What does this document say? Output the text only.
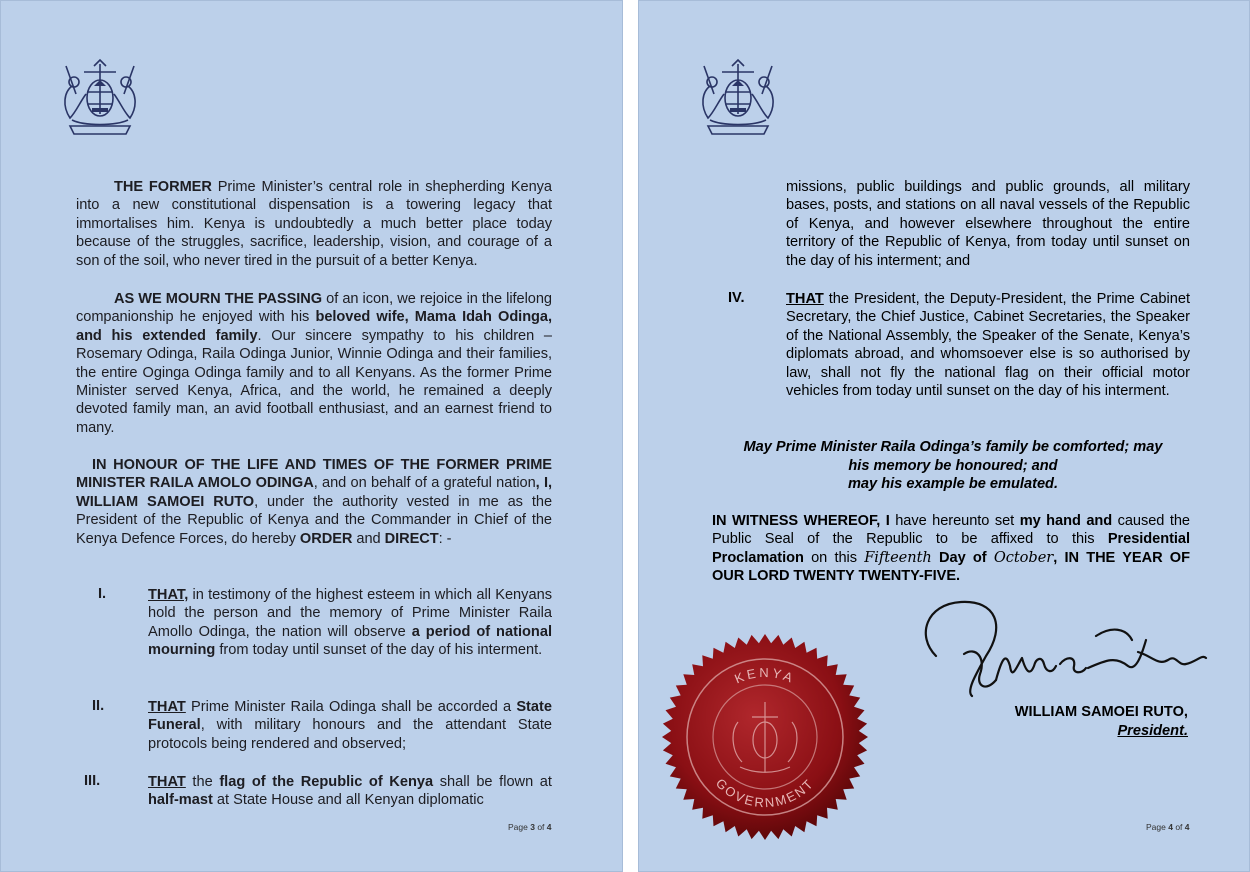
THE FORMER Prime Minister’s central role in shepherding Kenya into a new constitutional dispensation is a towering legacy that immortalises him. Kenya is undoubtedly a much better place today because of the struggles, sacrifice, leadership, vision, and courage of a son of the soil, who never tired in the pursuit of a better Kenya.
AS WE MOURN THE PASSING of an icon, we rejoice in the lifelong companionship he enjoyed with his beloved wife, Mama Idah Odinga, and his extended family. Our sincere sympathy to his children – Rosemary Odinga, Raila Odinga Junior, Winnie Odinga and their families, the entire Oginga Odinga family and to all Kenyans. As the former Prime Minister served Kenya, Africa, and the world, he remained a deeply devoted family man, an avid football enthusiast, and an earnest friend to many.
IN HONOUR OF THE LIFE AND TIMES OF THE FORMER PRIME MINISTER RAILA AMOLO ODINGA, and on behalf of a grateful nation, I, WILLIAM SAMOEI RUTO, under the authority vested in me as the President of the Republic of Kenya and the Commander in Chief of the Kenya Defence Forces, do hereby ORDER and DIRECT: -
I.	THAT, in testimony of the highest esteem in which all Kenyans hold the person and the memory of Prime Minister Raila Amollo Odinga, the nation will observe a period of national mourning from today until sunset of the day of his interment.
II.	THAT Prime Minister Raila Odinga shall be accorded a State Funeral, with military honours and the attendant State protocols being rendered and observed;
III.	THAT the flag of the Republic of Kenya shall be flown at half-mast at State House and all Kenyan diplomatic
Page 3 of 4
missions, public buildings and public grounds, all military bases, posts, and stations on all naval vessels of the Republic of Kenya, and however elsewhere throughout the entire territory of the Republic of Kenya, from today until sunset on the day of his interment; and
IV.	THAT the President, the Deputy-President, the Prime Cabinet Secretary, the Chief Justice, Cabinet Secretaries, the Speaker of the National Assembly, the Speaker of the Senate, Kenya’s diplomats abroad, and whomsoever else is so authorised by law, shall not fly the national flag on their official motor vehicles from today until sunset on the day of his interment.
May Prime Minister Raila Odinga’s family be comforted; may
his memory be honoured; and
may his example be emulated.
IN WITNESS WHEREOF, I have hereunto set my hand and caused the Public Seal of the Republic to be affixed to this Presidential Proclamation on this Fifteenth Day of October, IN THE YEAR OF OUR LORD TWENTY TWENTY-FIVE.
KENYA
GOVERNMENT
WILLIAM SAMOEI RUTO,
President.
Page 4 of 4
